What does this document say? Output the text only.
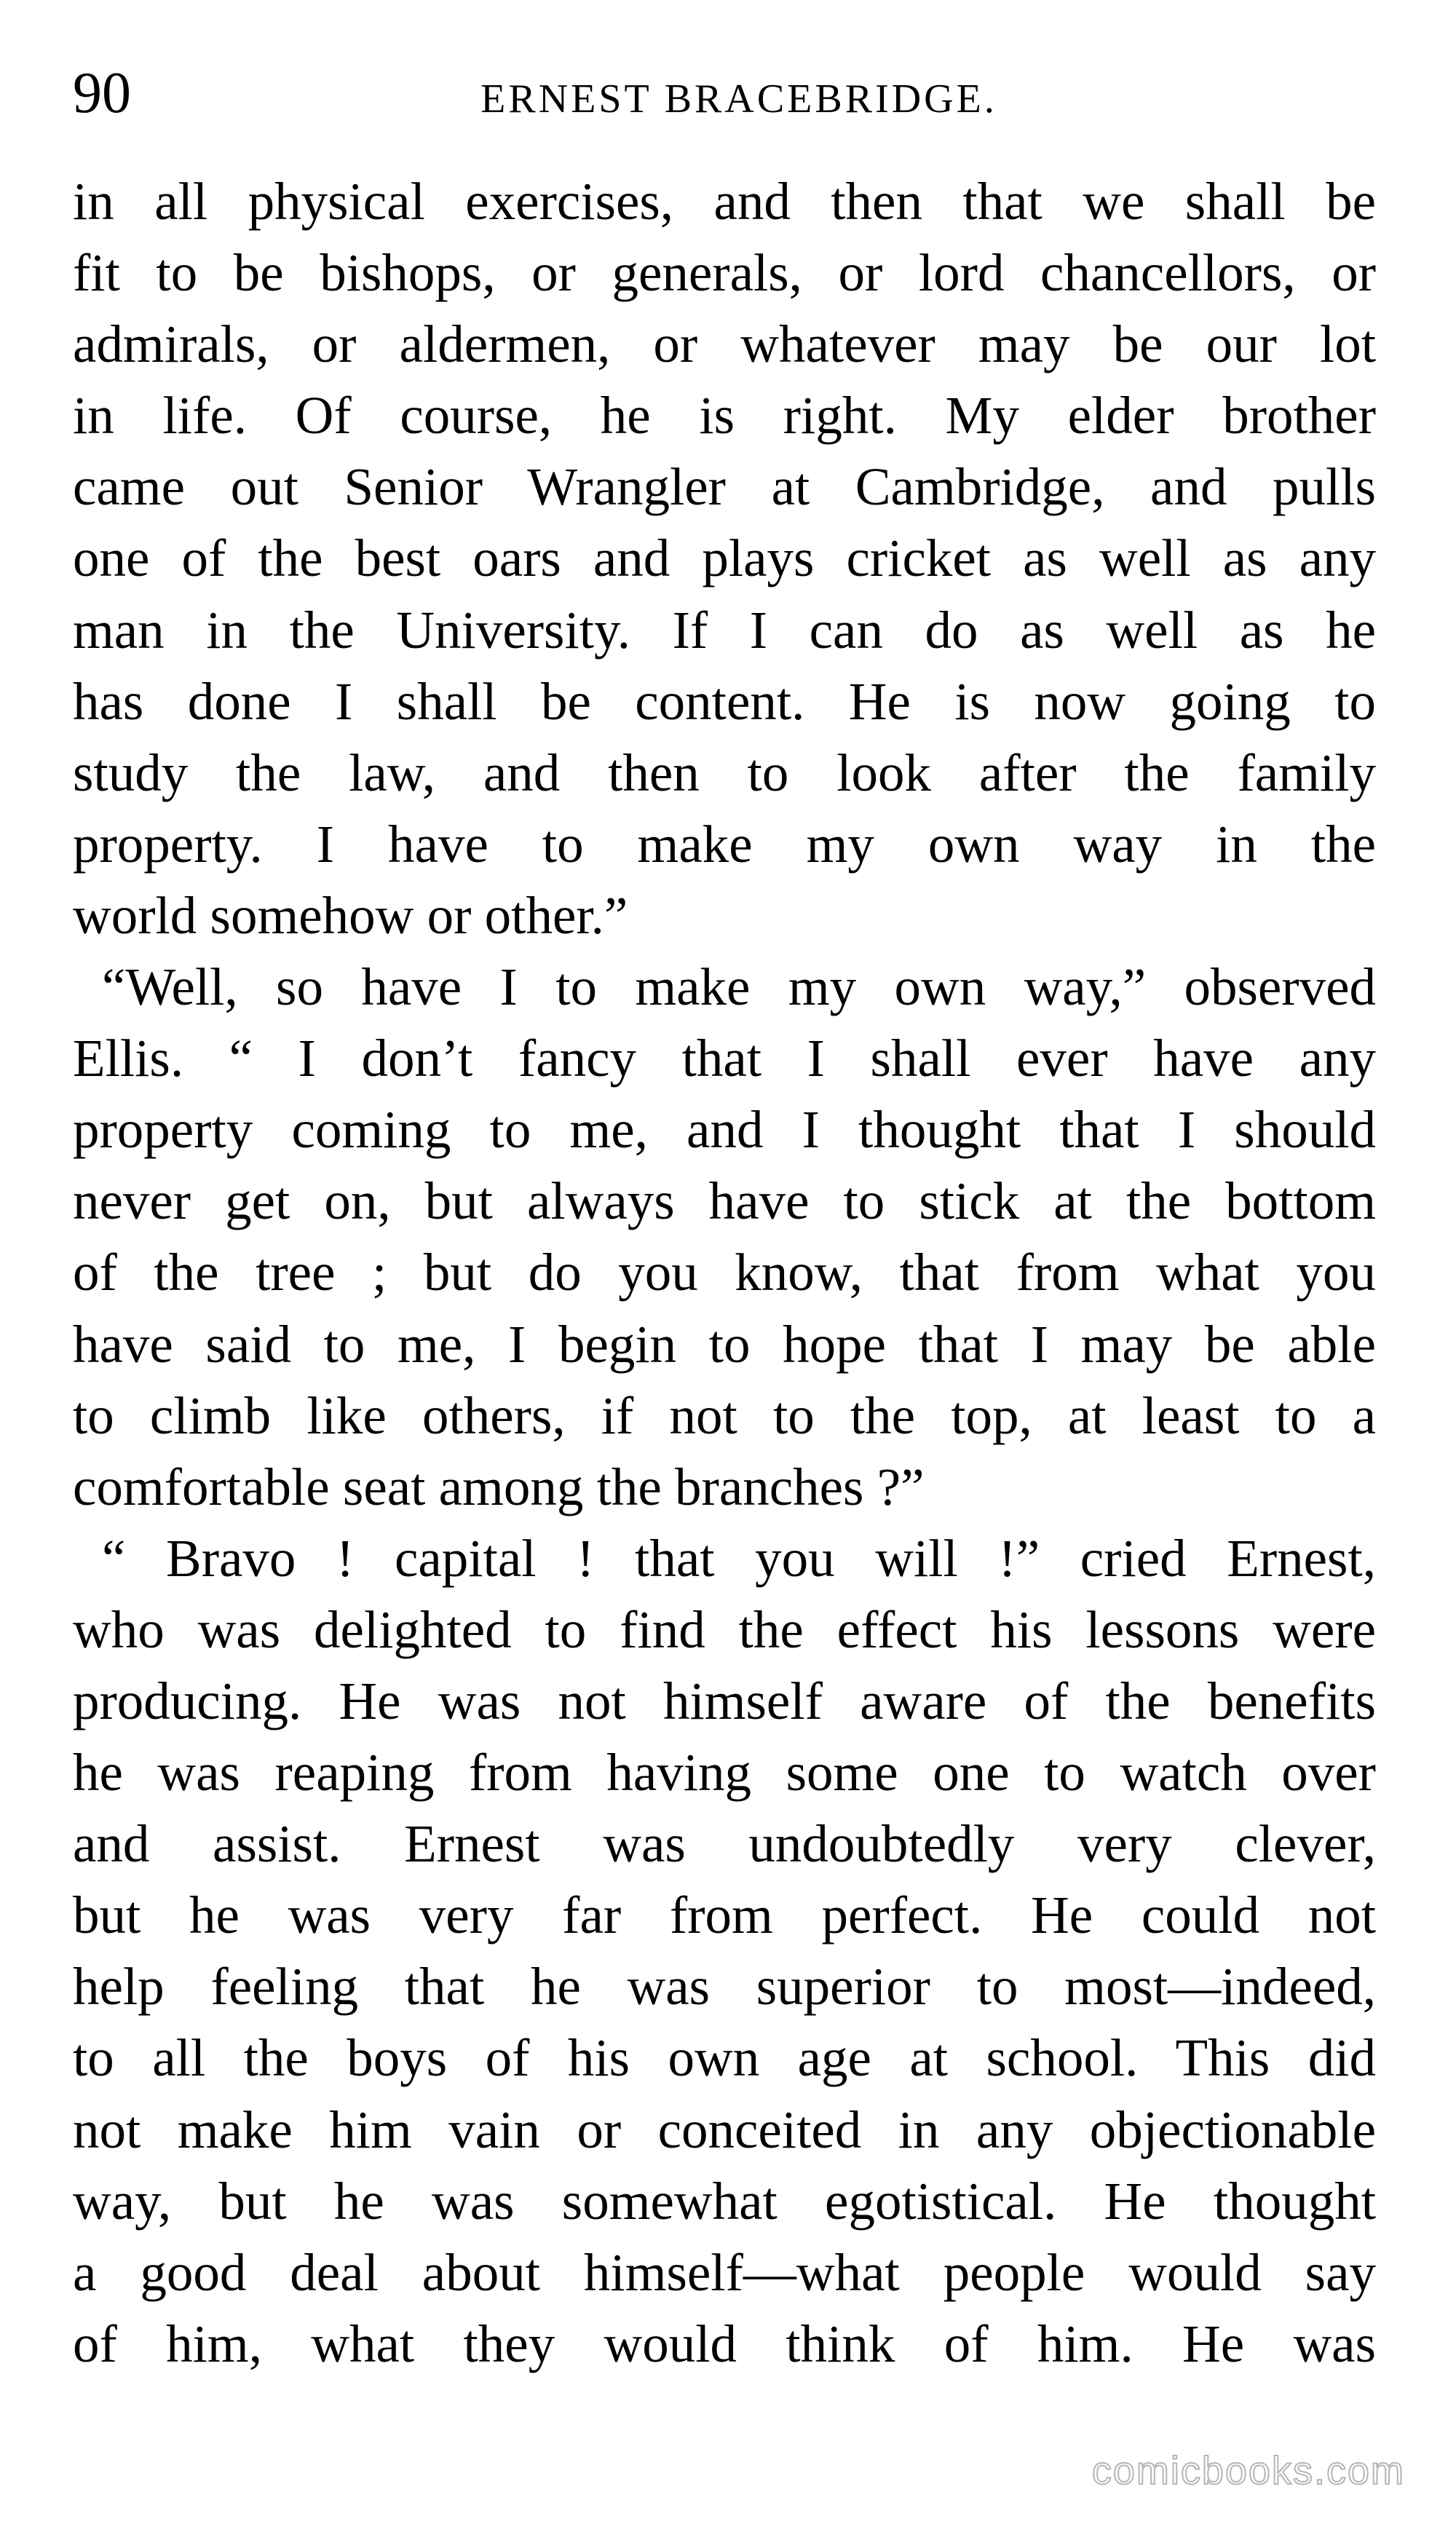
90	ERNEST BRACEBRIDGE.
in all physical exercises, and then that we shall be
fit to be bishops, or generals, or lord chancellors, or
admirals, or aldermen, or whatever may be our lot
in life. Of course, he is right. My elder brother
came out Senior Wrangler at Cambridge, and pulls
one of the best oars and plays cricket as well as any
man in the University. If I can do as well as he
has done I shall be content. He is now going to
study the law, and then to look after the family
property. I have to make my own way in the
world somehow or other.”
“Well, so have I to make my own way,” observed
Ellis. “ I don’t fancy that I shall ever have any
property coming to me, and I thought that I should
never get on, but always have to stick at the bottom
of the tree ; but do you know, that from what you
have said to me, I begin to hope that I may be able
to climb like others, if not to the top, at least to a
comfortable seat among the branches ?”
“ Bravo ! capital ! that you will !” cried Ernest,
who was delighted to find the effect his lessons were
producing. He was not himself aware of the benefits
he was reaping from having some one to watch over
and assist. Ernest was undoubtedly very clever,
but he was very far from perfect. He could not
help feeling that he was superior to most—indeed,
to all the boys of his own age at school. This did
not make him vain or conceited in any objectionable
way, but he was somewhat egotistical. He thought
a good deal about himself—what people would say
of him, what they would think of him. He was
comicbooks.com
